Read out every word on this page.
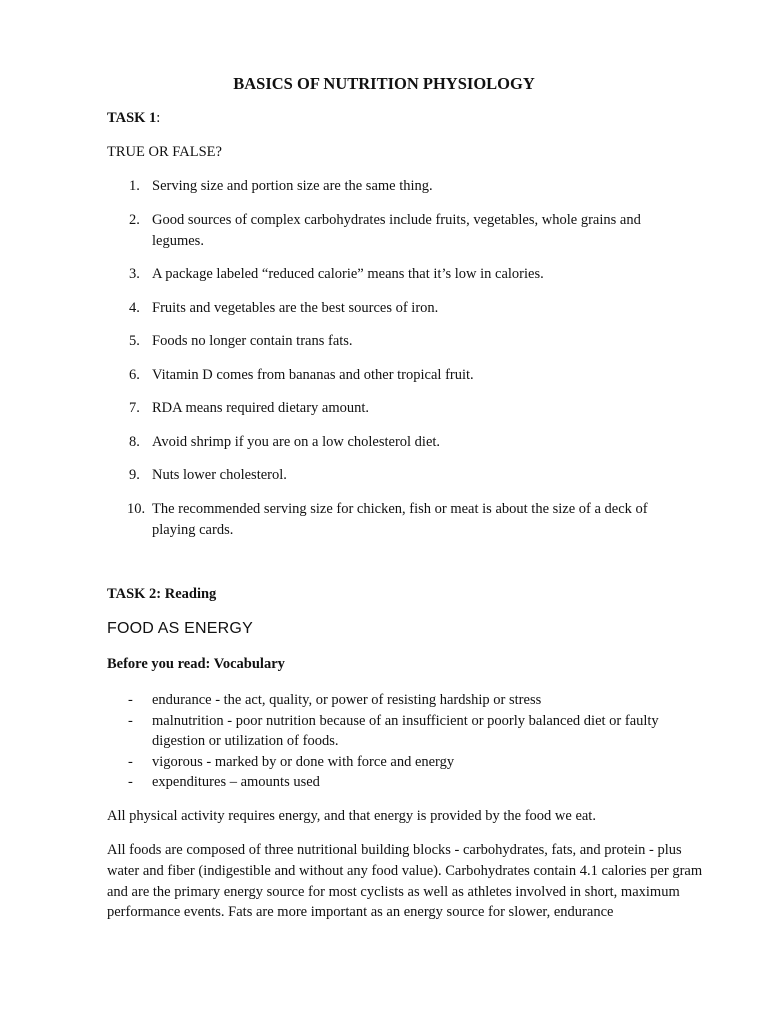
BASICS OF NUTRITION PHYSIOLOGY
TASK 1:
TRUE OR FALSE?
1. Serving size and portion size are the same thing.
2. Good sources of complex carbohydrates include fruits, vegetables, whole grains and legumes.
3. A package labeled “reduced calorie” means that it’s low in calories.
4. Fruits and vegetables are the best sources of iron.
5. Foods no longer contain trans fats.
6. Vitamin D comes from bananas and other tropical fruit.
7. RDA means required dietary amount.
8. Avoid shrimp if you are on a low cholesterol diet.
9. Nuts lower cholesterol.
10. The recommended serving size for chicken, fish or meat is about the size of a deck of playing cards.
TASK 2: Reading
FOOD AS ENERGY
Before you read: Vocabulary
- endurance - the act, quality, or power of resisting hardship or stress
- malnutrition - poor nutrition because of an insufficient or poorly balanced diet or faulty digestion or utilization of foods.
- vigorous - marked by or done with force and energy
- expenditures – amounts used

All physical activity requires energy, and that energy is provided by the food we eat.

All foods are composed of three nutritional building blocks - carbohydrates, fats, and protein - plus water and fiber (indigestible and without any food value). Carbohydrates contain 4.1 calories per gram and are the primary energy source for most cyclists as well as athletes involved in short, maximum performance events. Fats are more important as an energy source for slower, endurance
